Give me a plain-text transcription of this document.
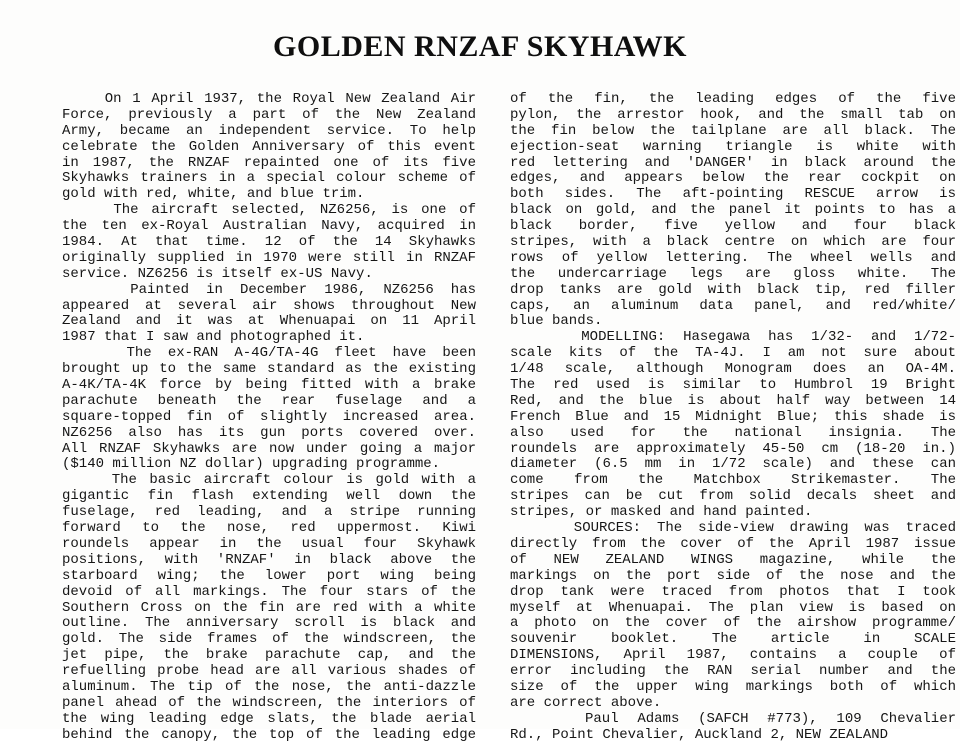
GOLDEN RNZAF SKYHAWK
On 1 April 1937, the Royal New Zealand Air
Force, previously a part of the New Zealand
Army, became an independent service. To help
celebrate the Golden Anniversary of this event
in 1987, the RNZAF repainted one of its five
Skyhawks trainers in a special colour scheme of
gold with red, white, and blue trim.
The aircraft selected, NZ6256, is one of
the ten ex-Royal Australian Navy, acquired in
1984. At that time. 12 of the 14 Skyhawks
originally supplied in 1970 were still in RNZAF
service. NZ6256 is itself ex-US Navy.
Painted in December 1986, NZ6256 has
appeared at several air shows throughout New
Zealand and it was at Whenuapai on 11 April
1987 that I saw and photographed it.
The ex-RAN A-4G/TA-4G fleet have been
brought up to the same standard as the existing
A-4K/TA-4K force by being fitted with a brake
parachute beneath the rear fuselage and a
square-topped fin of slightly increased area.
NZ6256 also has its gun ports covered over.
All RNZAF Skyhawks are now under going a major
($140 million NZ dollar) upgrading programme.
The basic aircraft colour is gold with a
gigantic fin flash extending well down the
fuselage, red leading, and a stripe running
forward to the nose, red uppermost. Kiwi
roundels appear in the usual four Skyhawk
positions, with 'RNZAF' in black above the
starboard wing; the lower port wing being
devoid of all markings. The four stars of the
Southern Cross on the fin are red with a white
outline. The anniversary scroll is black and
gold. The side frames of the windscreen, the
jet pipe, the brake parachute cap, and the
refuelling probe head are all various shades of
aluminum. The tip of the nose, the anti-dazzle
panel ahead of the windscreen, the interiors of
the wing leading edge slats, the blade aerial
behind the canopy, the top of the leading edge
of the fin, the leading edges of the five
pylon, the arrestor hook, and the small tab on
the fin below the tailplane are all black. The
ejection-seat warning triangle is white with
red lettering and 'DANGER' in black around the
edges, and appears below the rear cockpit on
both sides. The aft-pointing RESCUE arrow is
black on gold, and the panel it points to has a
black border, five yellow and four black
stripes, with a black centre on which are four
rows of yellow lettering. The wheel wells and
the undercarriage legs are gloss white. The
drop tanks are gold with black tip, red filler
caps, an aluminum data panel, and red/white/
blue bands.
MODELLING: Hasegawa has 1/32- and 1/72-
scale kits of the TA-4J. I am not sure about
1/48 scale, although Monogram does an OA-4M.
The red used is similar to Humbrol 19 Bright
Red, and the blue is about half way between 14
French Blue and 15 Midnight Blue; this shade is
also used for the national insignia. The
roundels are approximately 45-50 cm (18-20 in.)
diameter (6.5 mm in 1/72 scale) and these can
come from the Matchbox Strikemaster. The
stripes can be cut from solid decals sheet and
stripes, or masked and hand painted.
SOURCES: The side-view drawing was traced
directly from the cover of the April 1987 issue
of NEW ZEALAND WINGS magazine, while the
markings on the port side of the nose and the
drop tank were traced from photos that I took
myself at Whenuapai. The plan view is based on
a photo on the cover of the airshow programme/
souvenir booklet. The article in SCALE
DIMENSIONS, April 1987, contains a couple of
error including the RAN serial number and the
size of the upper wing markings both of which
are correct above.
Paul Adams (SAFCH #773), 109 Chevalier
Rd., Point Chevalier, Auckland 2, NEW ZEALAND
